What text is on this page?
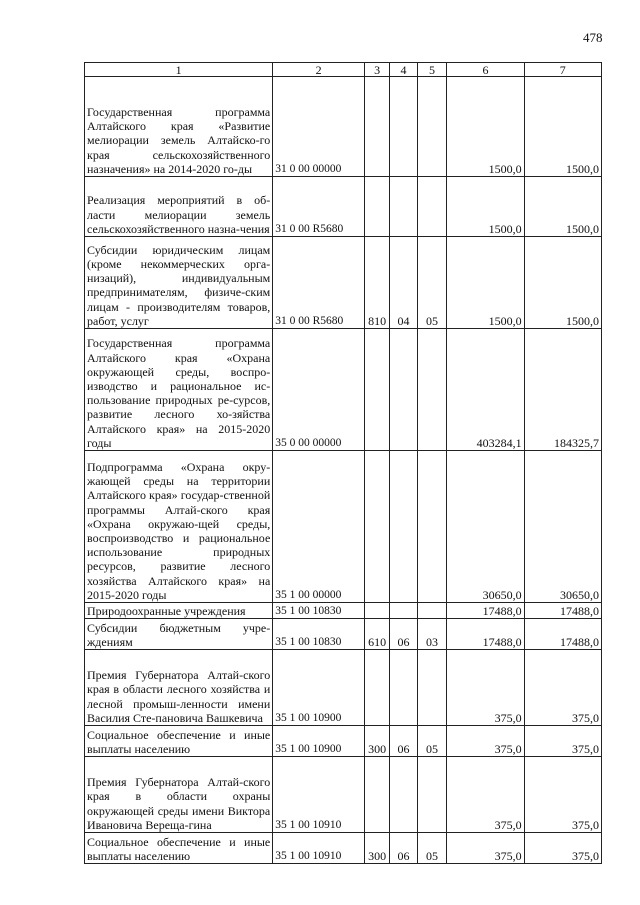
478
1	2	3	4	5	6	7
Государственная программа Алтайского края «Развитие мелиорации земель Алтайско-го края сельскохозяйственного назначения» на 2014-2020 го-ды	31 0 00 00000				1500,0	1500,0
Реализация мероприятий в об-ласти мелиорации земель сельскохозяйственного назна-чения	31 0 00 R5680				1500,0	1500,0
Субсидии юридическим лицам (кроме некоммерческих орга-низаций), индивидуальным предпринимателям, физиче-ским лицам - производителям товаров, работ, услуг	31 0 00 R5680	810	04	05	1500,0	1500,0
Государственная программа Алтайского края «Охрана окружающей среды, воспро-изводство и рациональное ис-пользование природных ре-сурсов, развитие лесного хо-зяйства Алтайского края» на 2015-2020 годы	35 0 00 00000				403284,1	184325,7
Подпрограмма «Охрана окру-жающей среды на территории Алтайского края» государ-ственной программы Алтай-ского края «Охрана окружаю-щей среды, воспроизводство и рациональное использование природных ресурсов, развитие лесного хозяйства Алтайского края» на 2015-2020 годы	35 1 00 00000				30650,0	30650,0
Природоохранные учреждения	35 1 00 10830				17488,0	17488,0
Субсидии бюджетным учре-ждениям	35 1 00 10830	610	06	03	17488,0	17488,0
Премия Губернатора Алтай-ского края в области лесного хозяйства и лесной промыш-ленности имени Василия Сте-пановича Вашкевича	35 1 00 10900				375,0	375,0
Социальное обеспечение и иные выплаты населению	35 1 00 10900	300	06	05	375,0	375,0
Премия Губернатора Алтай-ского края в области охраны окружающей среды имени Виктора Ивановича Верещa-гина	35 1 00 10910				375,0	375,0
Социальное обеспечение и иные выплаты населению	35 1 00 10910	300	06	05	375,0	375,0
